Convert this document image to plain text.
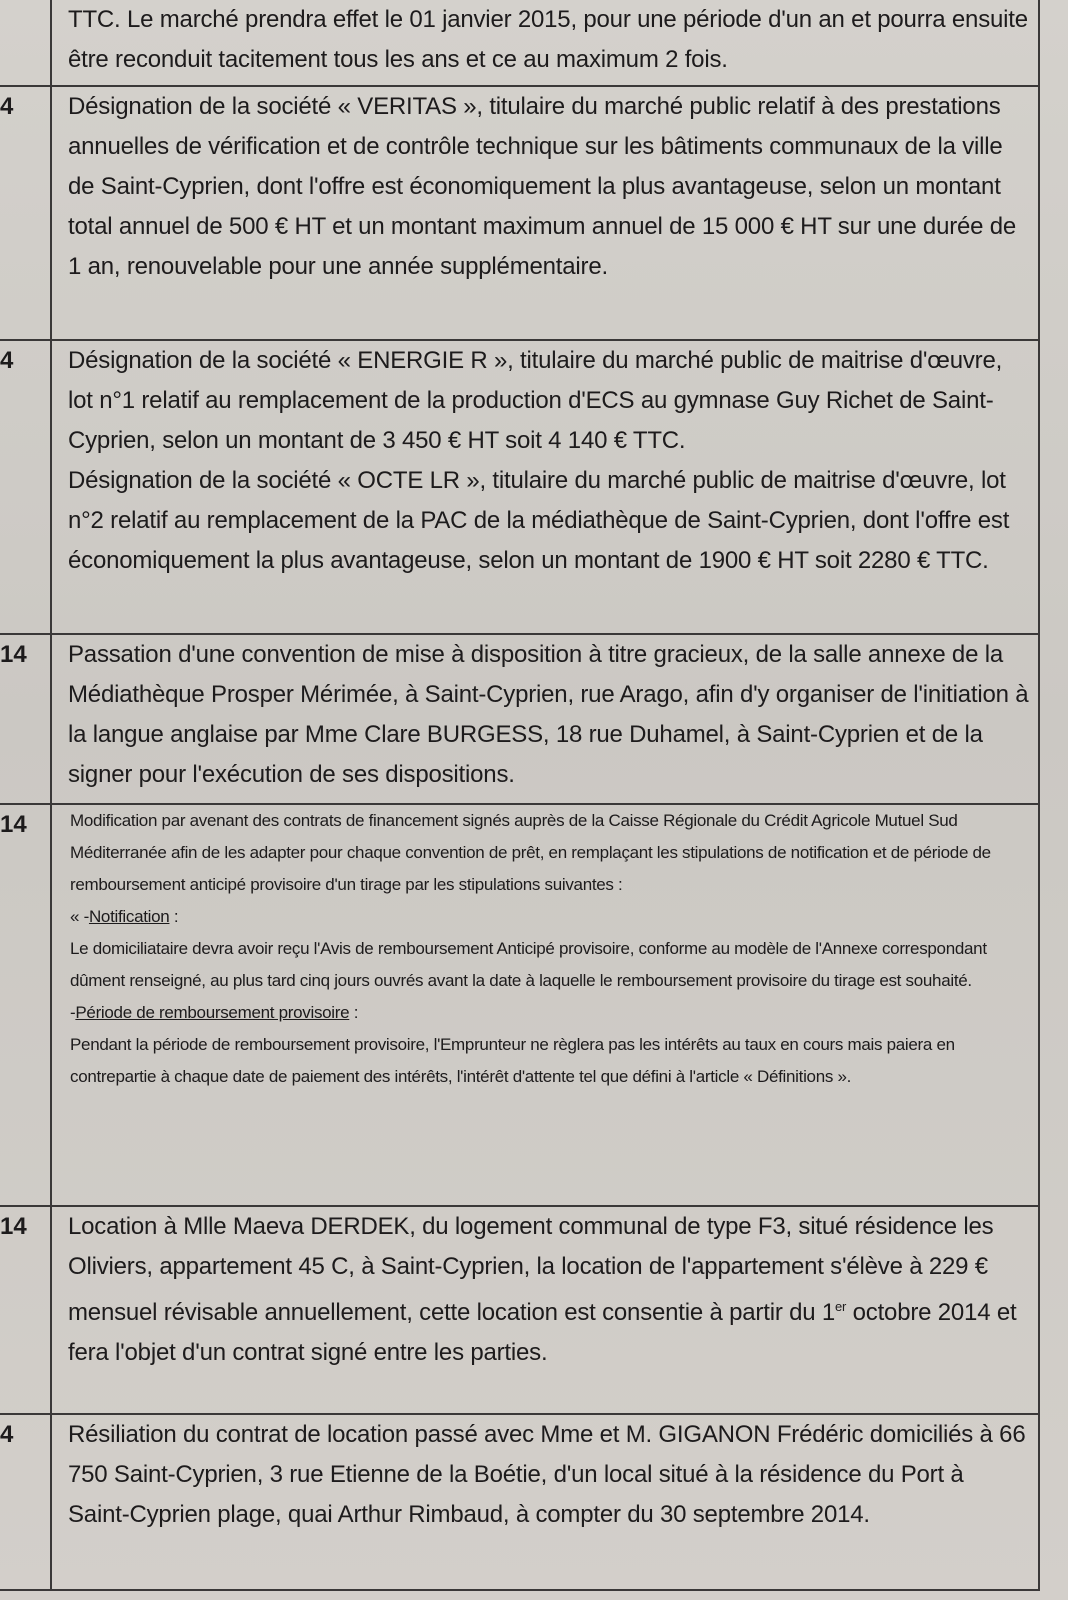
	TTC. Le marché prendra effet le 01 janvier 2015, pour une période d'un an et pourra ensuite être reconduit tacitement tous les ans et ce au maximum 2 fois.

4	Désignation de la société « VERITAS », titulaire du marché public relatif à des prestations annuelles de vérification et de contrôle technique sur les bâtiments communaux de la ville de Saint-Cyprien, dont l'offre est économiquement la plus avantageuse, selon un montant total annuel de 500 € HT et un montant maximum annuel de 15 000 € HT sur une durée de 1 an, renouvelable pour une année supplémentaire.

4	Désignation de la société « ENERGIE R », titulaire du marché public de maitrise d'œuvre, lot n°1 relatif au remplacement de la production d'ECS au gymnase Guy Richet de Saint-Cyprien, selon un montant de 3 450 € HT soit 4 140 € TTC.

Désignation de la société « OCTE LR », titulaire du marché public de maitrise d'œuvre, lot n°2 relatif au remplacement de la PAC de la médiathèque de Saint-Cyprien, dont l'offre est économiquement la plus avantageuse, selon un montant de 1900 € HT soit 2280 € TTC.

14	Passation d'une convention de mise à disposition à titre gracieux, de la salle annexe de la Médiathèque Prosper Mérimée, à Saint-Cyprien, rue Arago, afin d'y organiser de l'initiation à la langue anglaise par Mme Clare BURGESS, 18 rue Duhamel, à Saint-Cyprien et de la signer pour l'exécution de ses dispositions.

14	Modification par avenant des contrats de financement signés auprès de la Caisse Régionale du Crédit Agricole Mutuel Sud Méditerranée afin de les adapter pour chaque convention de prêt, en remplaçant les stipulations de notification et de période de remboursement anticipé provisoire d'un tirage par les stipulations suivantes :

« -Notification :

Le domiciliataire devra avoir reçu l'Avis de remboursement Anticipé provisoire, conforme au modèle de l'Annexe correspondant dûment renseigné, au plus tard cinq jours ouvrés avant la date à laquelle le remboursement provisoire du tirage est souhaité.

-Période de remboursement provisoire :

Pendant la période de remboursement provisoire, l'Emprunteur ne règlera pas les intérêts au taux en cours mais paiera en contrepartie à chaque date de paiement des intérêts, l'intérêt d'attente tel que défini à l'article « Définitions ».

14	Location à Mlle Maeva DERDEK, du logement communal de type F3, situé résidence les Oliviers, appartement 45 C, à Saint-Cyprien, la location de l'appartement s'élève à 229 € mensuel révisable annuellement, cette location est consentie à partir du 1er octobre 2014 et fera l'objet d'un contrat signé entre les parties.

4	Résiliation du contrat de location passé avec Mme et M. GIGANON Frédéric domiciliés à 66 750 Saint-Cyprien, 3 rue Etienne de la Boétie, d'un local situé à la résidence du Port à Saint-Cyprien plage, quai Arthur Rimbaud, à compter du 30 septembre 2014.
